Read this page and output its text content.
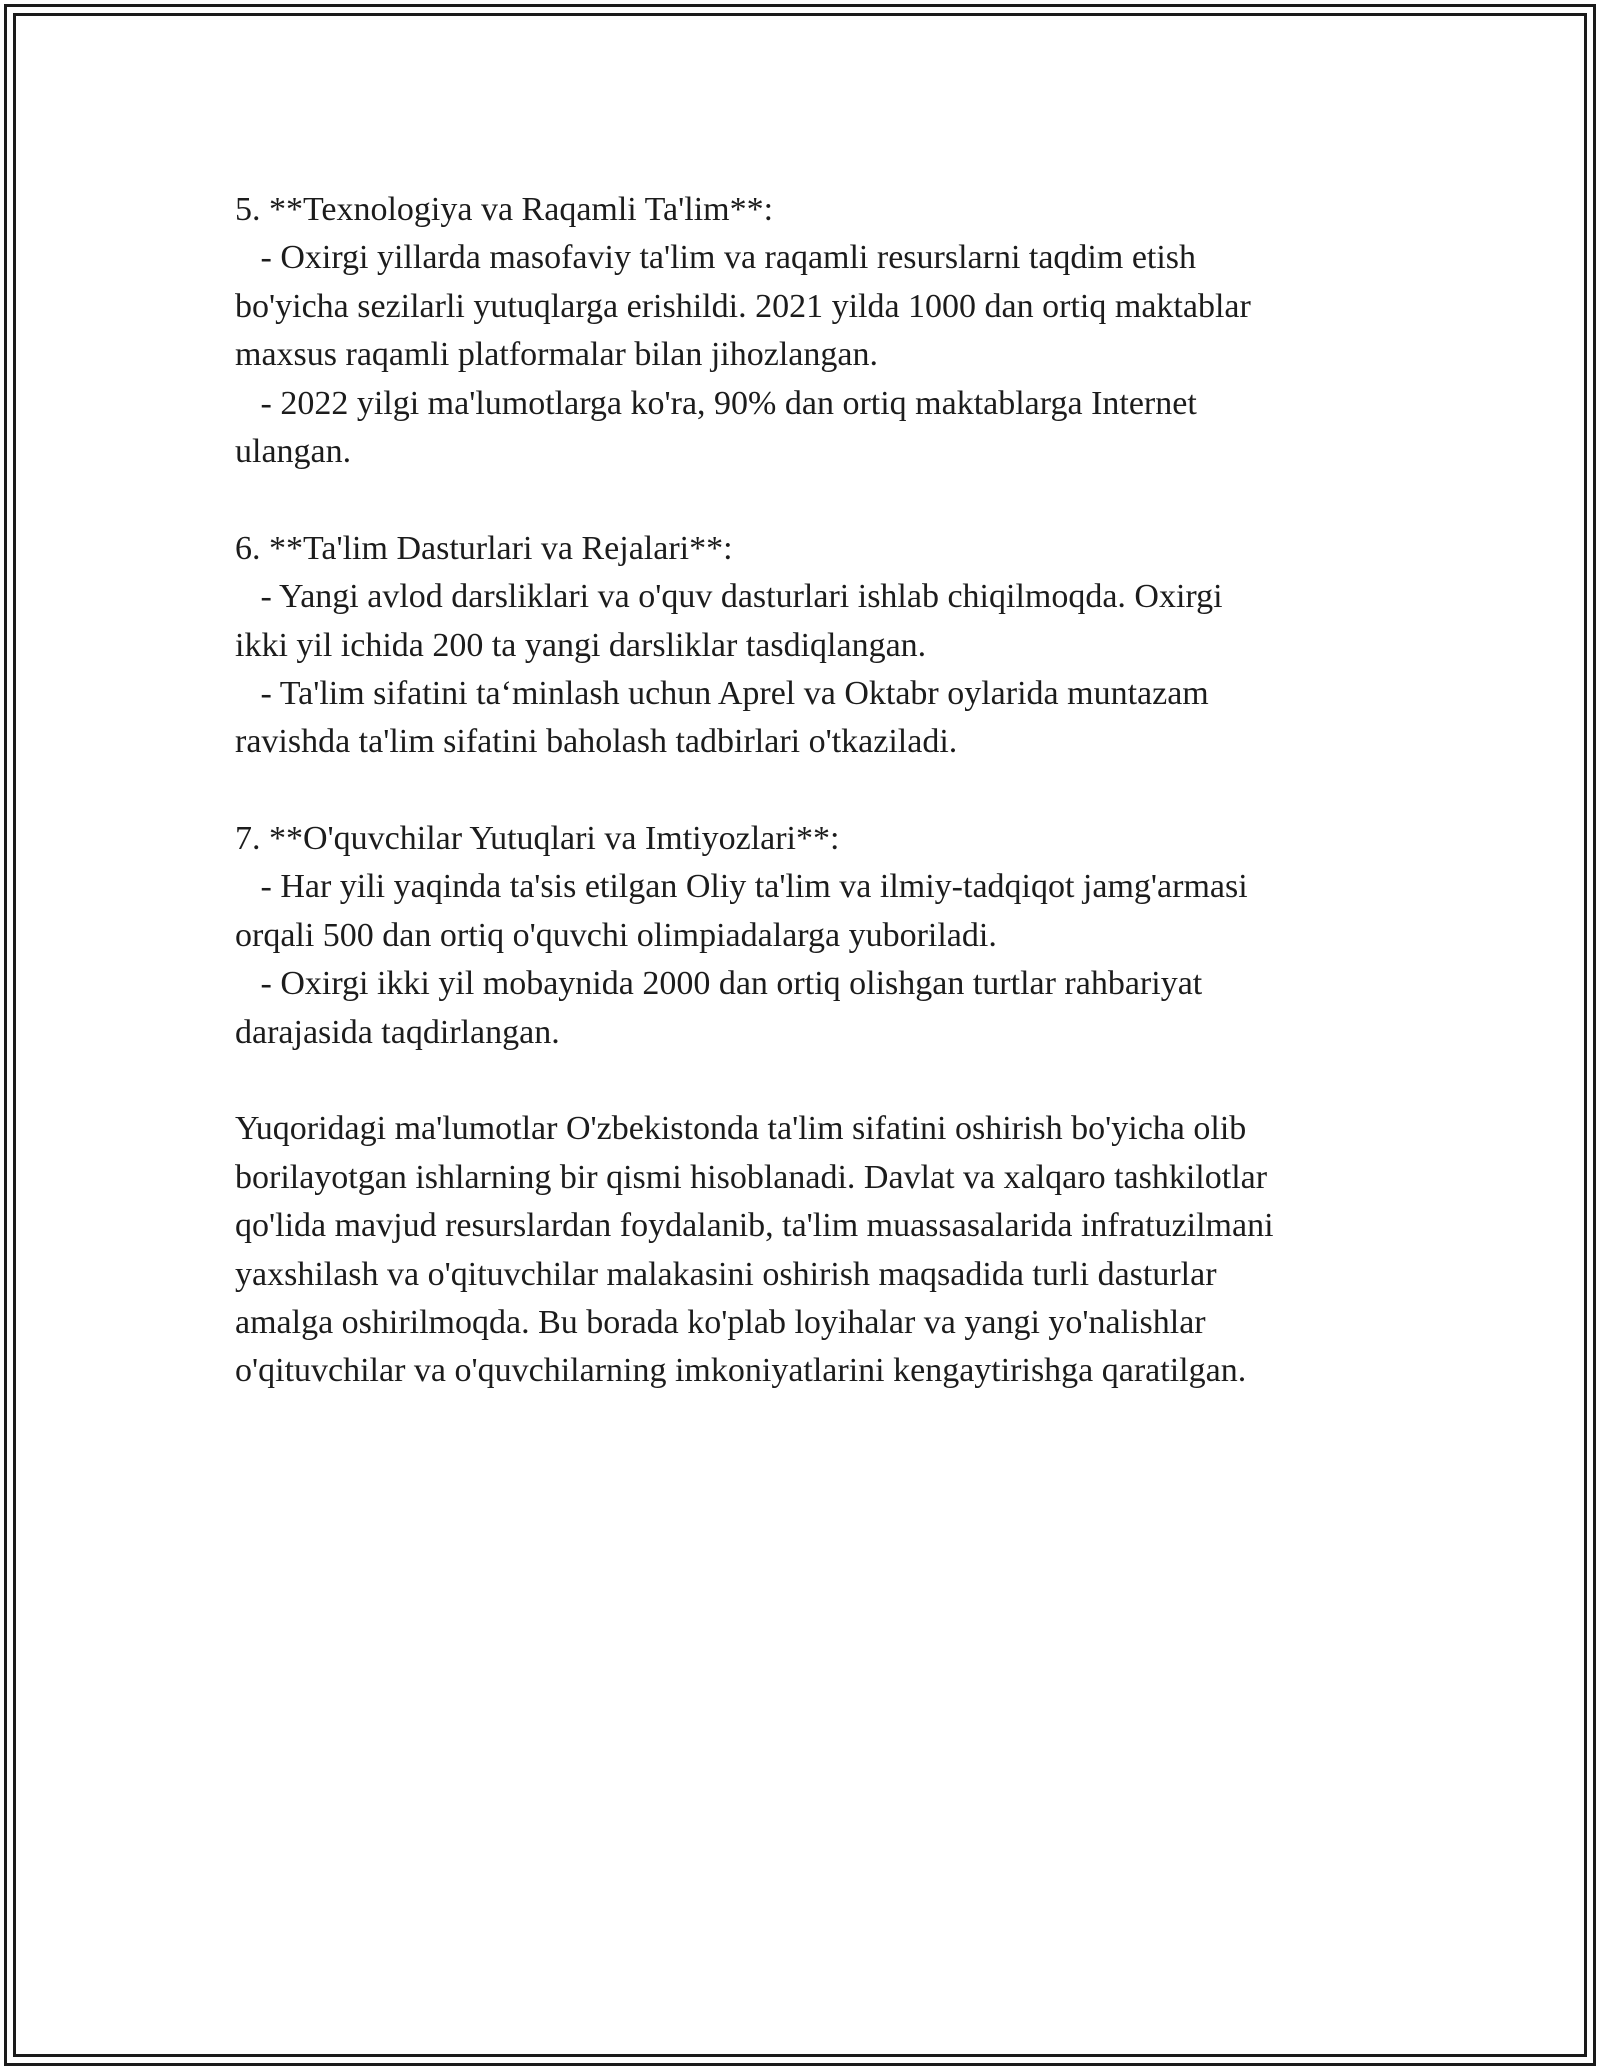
5. **Texnologiya va Raqamli Ta'lim**:
- Oxirgi yillarda masofaviy ta'lim va raqamli resurslarni taqdim etish
bo'yicha sezilarli yutuqlarga erishildi. 2021 yilda 1000 dan ortiq maktablar
maxsus raqamli platformalar bilan jihozlangan.
- 2022 yilgi ma'lumotlarga ko'ra, 90% dan ortiq maktablarga Internet
ulangan.
6. **Ta'lim Dasturlari va Rejalari**:
- Yangi avlod darsliklari va o'quv dasturlari ishlab chiqilmoqda. Oxirgi
ikki yil ichida 200 ta yangi darsliklar tasdiqlangan.
- Ta'lim sifatini ta‘minlash uchun Aprel va Oktabr oylarida muntazam
ravishda ta'lim sifatini baholash tadbirlari o'tkaziladi.
7. **O'quvchilar Yutuqlari va Imtiyozlari**:
- Har yili yaqinda ta'sis etilgan Oliy ta'lim va ilmiy-tadqiqot jamg'armasi
orqali 500 dan ortiq o'quvchi olimpiadalarga yuboriladi.
- Oxirgi ikki yil mobaynida 2000 dan ortiq olishgan turtlar rahbariyat
darajasida taqdirlangan.
Yuqoridagi ma'lumotlar O'zbekistonda ta'lim sifatini oshirish bo'yicha olib
borilayotgan ishlarning bir qismi hisoblanadi. Davlat va xalqaro tashkilotlar
qo'lida mavjud resurslardan foydalanib, ta'lim muassasalarida infratuzilmani
yaxshilash va o'qituvchilar malakasini oshirish maqsadida turli dasturlar
amalga oshirilmoqda. Bu borada ko'plab loyihalar va yangi yo'nalishlar
o'qituvchilar va o'quvchilarning imkoniyatlarini kengaytirishga qaratilgan.
